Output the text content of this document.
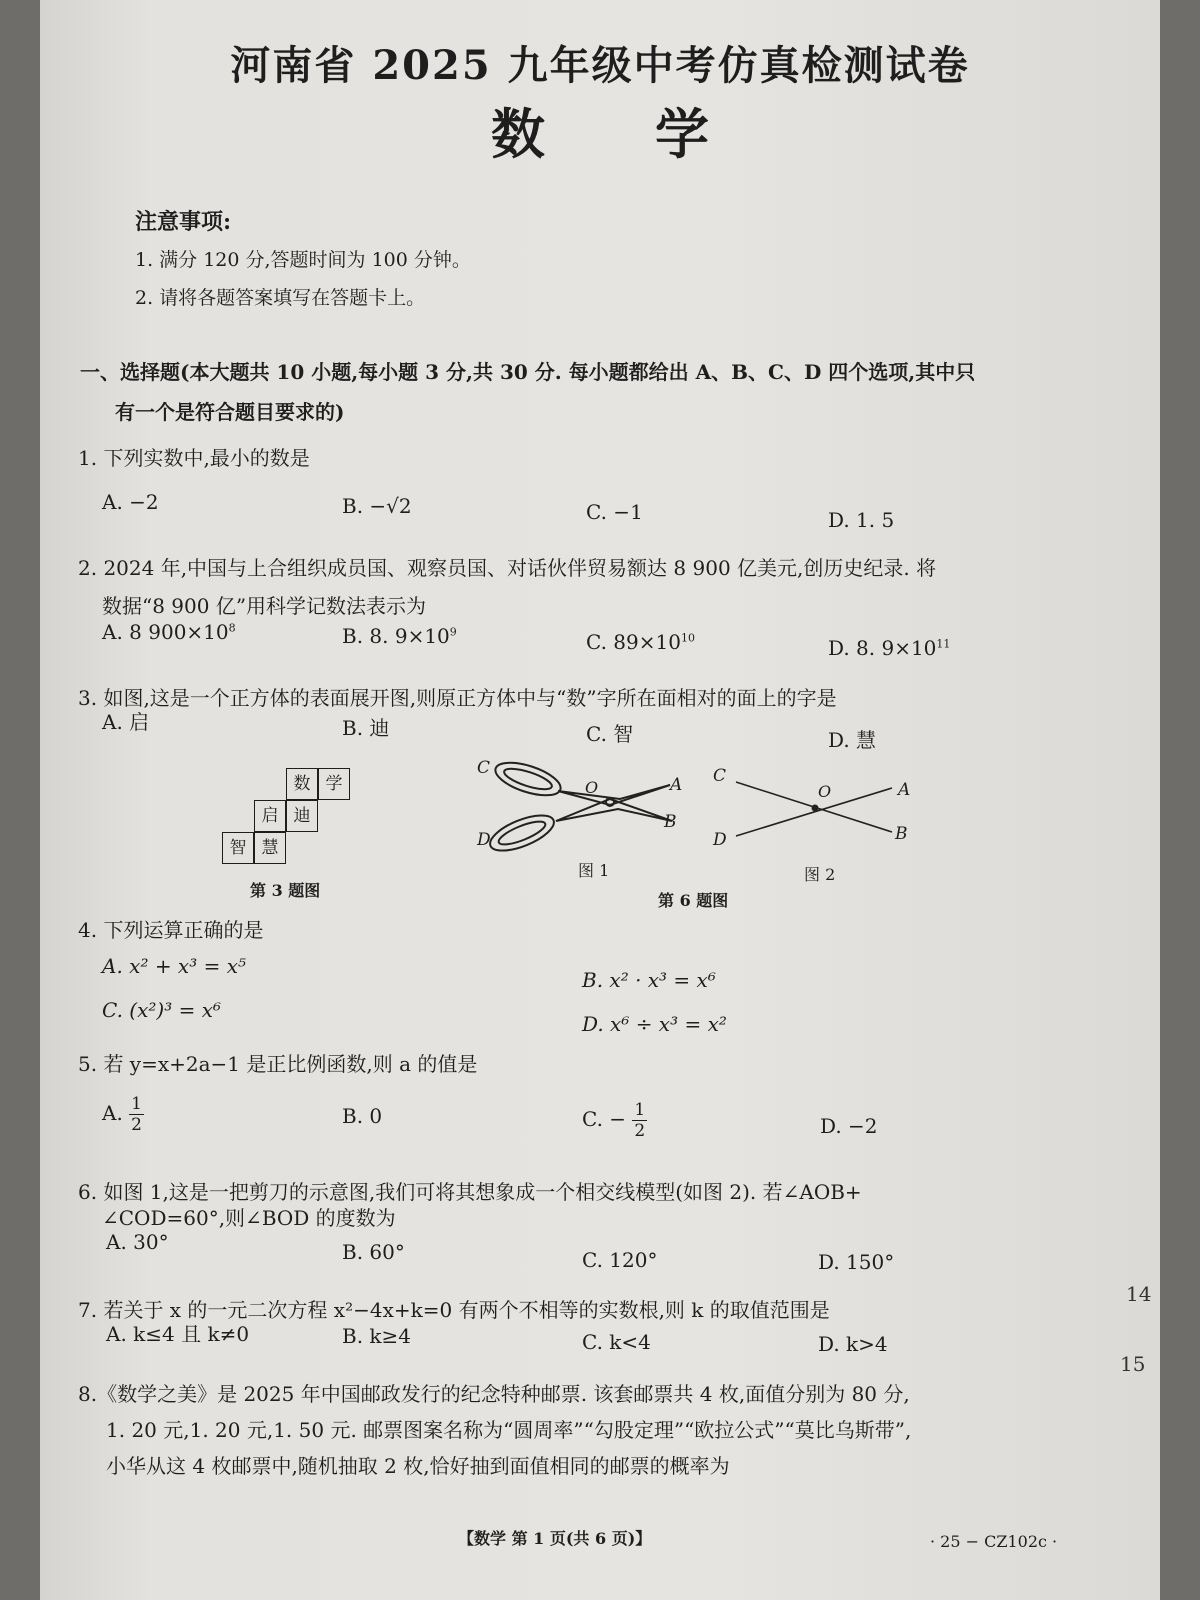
河南省 2025 九年级中考仿真检测试卷
数学
注意事项:
1. 满分 120 分,答题时间为 100 分钟。
2. 请将各题答案填写在答题卡上。
一、选择题(本大题共 10 小题,每小题 3 分,共 30 分. 每小题都给出 A、B、C、D 四个选项,其中只
有一个是符合题目要求的)
1. 下列实数中,最小的数是
A. −2	B. −√2	C. −1	D. 1. 5
2. 2024 年,中国与上合组织成员国、观察员国、对话伙伴贸易额达 8 900 亿美元,创历史纪录. 将
数据“8 900 亿”用科学记数法表示为
A. 8 $900\times 10^8$	B. 8. $9\times 10^9$	C. $89\times 10^{10}$	D. 8. $9\times 10^{11}$
3. 如图,这是一个正方体的表面展开图,则原正方体中与“数”字所在面相对的面上的字是
A. 启	B. 迪	C. 智	D. 慧
数 学
启 迪
智 慧
第 3 题图
C
D
A
B
O
图 1
C
D
A
B
O
图 2
第 6 题图
4. 下列运算正确的是
A. x² + x³ = x⁵
B. x² · x³ = x⁶
C. (x²)³ = x⁶
D. x⁶ ÷ x³ = x²
5. 若 y=x+2a−1 是正比例函数,则 a 的值是
A. $\frac{1}{2}$	B. 0	C. − $\frac{1}{2}$	D. −2
6. 如图 1,这是一把剪刀的示意图,我们可将其想象成一个相交线模型(如图 2). 若∠AOB+
∠COD=60°,则∠BOD 的度数为
A. 30°	B. 60°	C. 120°	D. 150°
7. 若关于 x 的一元二次方程 x²−4x+k=0 有两个不相等的实数根,则 k 的取值范围是
A. k≤4 且 k≠0	B. k≥4	C. k<4	D. k>4
8.《数学之美》是 2025 年中国邮政发行的纪念特种邮票. 该套邮票共 4 枚,面值分别为 80 分,
1. 20 元,1. 20 元,1. 50 元. 邮票图案名称为“圆周率”“勾股定理”“欧拉公式”“莫比乌斯带”,
小华从这 4 枚邮票中,随机抽取 2 枚,恰好抽到面值相同的邮票的概率为
【数学 第 1 页(共 6 页)】	· 25 − CZ102c ·
14
15
